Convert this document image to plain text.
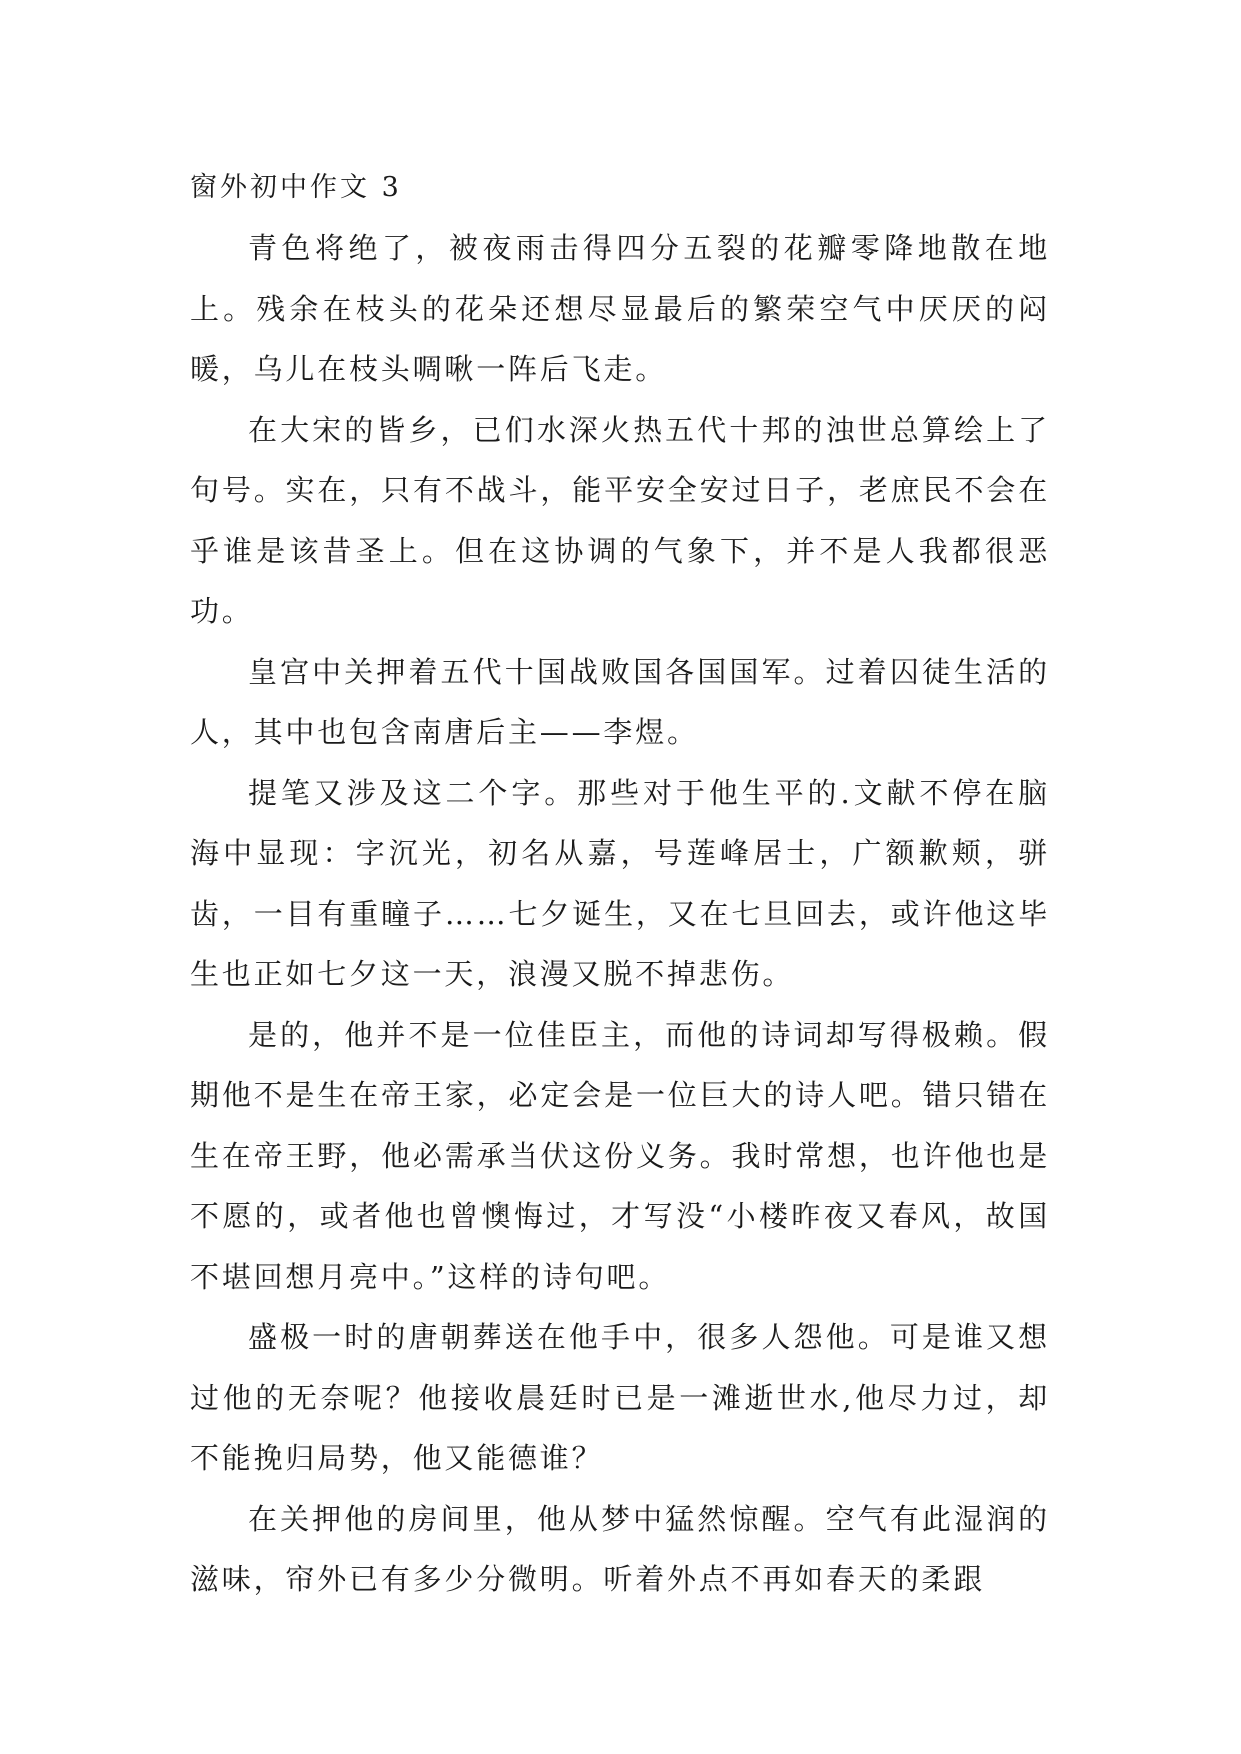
窗外初中作文 3

青色将绝了，被夜雨击得四分五裂的花瓣零降地散在地上。残余在枝头的花朵还想尽显最后的繁荣空气中厌厌的闷暖，乌儿在枝头啁啾一阵后飞走。

在大宋的皆乡，已们水深火热五代十邦的浊世总算绘上了句号。实在，只有不战斗，能平安全安过日子，老庶民不会在乎谁是该昔圣上。但在这协调的气象下，并不是人我都很恶功。

皇宫中关押着五代十国战败国各国国军。过着囚徒生活的人，其中也包含南唐后主——李煜。

提笔又涉及这二个字。那些对于他生平的.文献不停在脑海中显现：字沉光，初名从嘉，号莲峰居士，广额歉颊，骈齿，一目有重瞳子……七夕诞生，又在七旦回去，或许他这毕生也正如七夕这一天，浪漫又脱不掉悲伤。

是的，他并不是一位佳臣主，而他的诗词却写得极赖。假期他不是生在帝王家，必定会是一位巨大的诗人吧。错只错在生在帝王野，他必需承当伏这份义务。我时常想，也许他也是不愿的，或者他也曾懊悔过，才写没“小楼昨夜又春风，故国不堪回想月亮中。”这样的诗句吧。

盛极一时的唐朝葬送在他手中，很多人怨他。可是谁又想过他的无奈呢？他接收晨廷时已是一滩逝世水,他尽力过，却不能挽归局势，他又能德谁？

在关押他的房间里，他从梦中猛然惊醒。空气有此湿润的滋味，帘外已有多少分微明。听着外点不再如春天的柔跟
